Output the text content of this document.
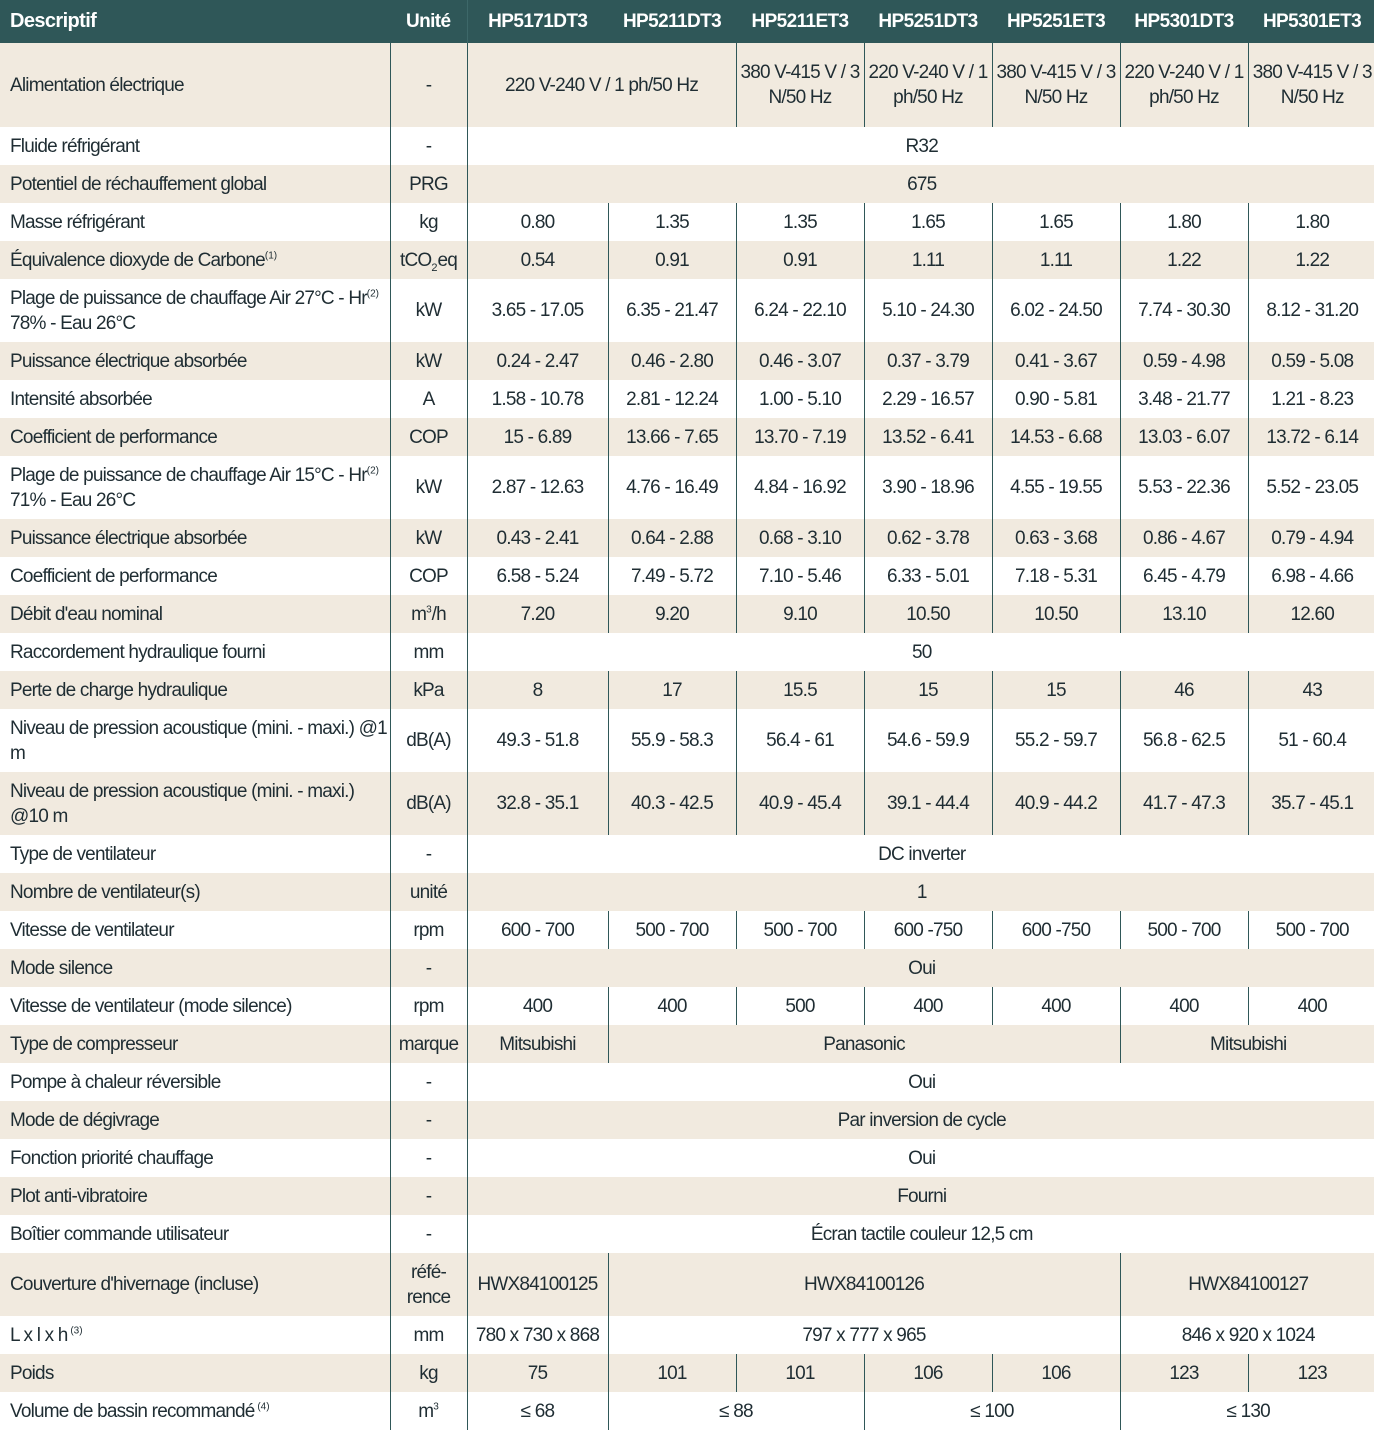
Descriptif	Unité	HP5171DT3	HP5211DT3	HP5211ET3	HP5251DT3	HP5251ET3	HP5301DT3	HP5301ET3
Alimentation électrique	-	220 V-240 V / 1 ph/50 Hz		380 V-415 V / 3 N/50 Hz	220 V-240 V / 1 ph/50 Hz	380 V-415 V / 3 N/50 Hz	220 V-240 V / 1 ph/50 Hz	380 V-415 V / 3 N/50 Hz
Fluide réfrigérant	-	R32						
Potentiel de réchauffement global	PRG	675						
Masse réfrigérant	kg	0.80	1.35	1.35	1.65	1.65	1.80	1.80
Équivalence dioxyde de Carbone$^{(1)}$	tCO$_2$eq	0.54	0.91	0.91	1.11	1.11	1.22	1.22
Plage de puissance de chauffage Air 27°C - Hr$^{(2)}$ 78% - Eau 26°C	kW	3.65 - 17.05	6.35 - 21.47	6.24 - 22.10	5.10 - 24.30	6.02 - 24.50	7.74 - 30.30	8.12 - 31.20
Puissance électrique absorbée	kW	0.24 - 2.47	0.46 - 2.80	0.46 - 3.07	0.37 - 3.79	0.41 - 3.67	0.59 - 4.98	0.59 - 5.08
Intensité absorbée	A	1.58 - 10.78	2.81 - 12.24	1.00 - 5.10	2.29 - 16.57	0.90 - 5.81	3.48 - 21.77	1.21 - 8.23
Coefficient de performance	COP	15 - 6.89	13.66 - 7.65	13.70 - 7.19	13.52 - 6.41	14.53 - 6.68	13.03 - 6.07	13.72 - 6.14
Plage de puissance de chauffage Air 15°C - Hr$^{(2)}$ 71% - Eau 26°C	kW	2.87 - 12.63	4.76 - 16.49	4.84 - 16.92	3.90 - 18.96	4.55 - 19.55	5.53 - 22.36	5.52 - 23.05
Puissance électrique absorbée	kW	0.43 - 2.41	0.64 - 2.88	0.68 - 3.10	0.62 - 3.78	0.63 - 3.68	0.86 - 4.67	0.79 - 4.94
Coefficient de performance	COP	6.58 - 5.24	7.49 - 5.72	7.10 - 5.46	6.33 - 5.01	7.18 - 5.31	6.45 - 4.79	6.98 - 4.66
Débit d'eau nominal	$m^3/h$	7.20	9.20	9.10	10.50	10.50	13.10	12.60
Raccordement hydraulique fourni	mm	50						
Perte de charge hydraulique	kPa	8	17	15.5	15	15	46	43
Niveau de pression acoustique (mini. - maxi.) @1 m	dB(A)	49.3 - 51.8	55.9 - 58.3	56.4 - 61	54.6 - 59.9	55.2 - 59.7	56.8 - 62.5	51 - 60.4
Niveau de pression acoustique (mini. - maxi.) @10 m	dB(A)	32.8 - 35.1	40.3 - 42.5	40.9 - 45.4	39.1 - 44.4	40.9 - 44.2	41.7 - 47.3	35.7 - 45.1
Type de ventilateur	-	DC inverter						
Nombre de ventilateur(s)	unité	1						
Vitesse de ventilateur	rpm	600 - 700	500 - 700	500 - 700	600 -750	600 -750	500 - 700	500 - 700
Mode silence	-	Oui						
Vitesse de ventilateur (mode silence)	rpm	400	400	500	400	400	400	400
Type de compresseur	marque	Mitsubishi	Panasonic				Mitsubishi	
Pompe à chaleur réversible	-	Oui						
Mode de dégivrage	-	Par inversion de cycle						
Fonction priorité chauffage	-	Oui						
Plot anti-vibratoire	-	Fourni						
Boîtier commande utilisateur	-	Écran tactile couleur 12,5 cm						
Couverture d'hivernage (incluse)	réfé- rence	HWX84100125	HWX84100126				HWX84100127	
L x l x h $^{(3)}$	mm	780 x 730 x 868	797 x 777 x 965				846 x 920 x 1024	
Poids	kg	75	101	101	106	106	123	123
Volume de bassin recommandé $^{(4)}$	$m^3$	≤ 68	≤ 88		≤ 100		≤ 130	
